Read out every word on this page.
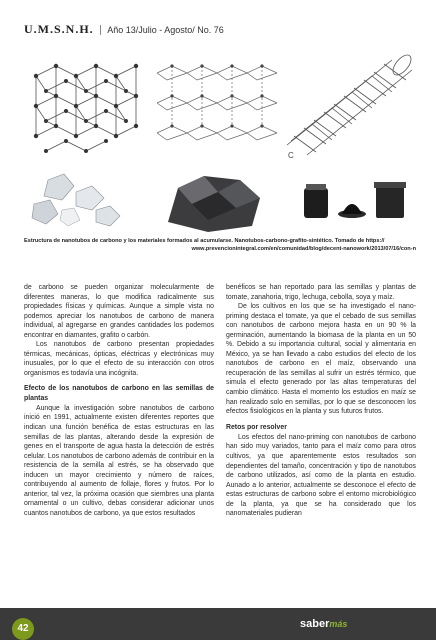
U.M.S.N.H. Año 13/Julio - Agosto/ No. 76
C
Estructura de nanotubos de carbono y los materiales formados al acumularse. Nanotubos-carbono-grafito-sintético. Tomado de https://
www.prevencionintegral.com/en/comunidad/blog/decent-nanowork/2013/07/16/con-n

de carbono se pueden organizar molecularmente de diferentes maneras, lo que modifica radicalmente sus propiedades físicas y químicas. Aunque a simple vista no podemos apreciar los nanotubos de carbono de manera individual, al agregarse en grandes cantidades los podemos encontrar en diamantes, grafito o carbón.

Los nanotubos de carbono presentan propiedades térmicas, mecánicas, ópticas, eléctricas y electrónicas muy inusuales, por lo que el efecto de su interacción con otros organismos es todavía una incógnita.

Efecto de los nanotubos de carbono en las semillas de plantas

Aunque la investigación sobre nanotubos de carbono inició en 1991, actualmente existen diferentes reportes que indican una función benéfica de estas estructuras en las semillas de las plantas, alterando desde la expresión de genes en el transporte de agua hasta la detección de estrés celular. Los nanotubos de carbono además de contribuir en la resistencia de la semilla al estrés, se ha observado que inducen un mayor crecimiento y número de raíces, contribuyendo al aumento de follaje, flores y frutos. Por lo anterior, tal vez, la próxima ocasión que siembres una planta ornamental o un cultivo, debas considerar adicionar unos cuantos nanotubos de carbono, ya que estos resultados

benéficos se han reportado para las semillas y plantas de tomate, zanahoria, trigo, lechuga, cebolla, soya y maíz.

De los cultivos en los que se ha investigado el nano-priming destaca el tomate, ya que el cebado de sus semillas con nanotubos de carbono mejora hasta en un 90 % la germinación, aumentando la biomasa de la planta en un 50 %. Debido a su importancia cultural, social y alimentaria en México, ya se han llevado a cabo estudios del efecto de los nanotubos de carbono en el maíz, observando una recuperación de las semillas al sufrir un estrés térmico, que simula el efecto generado por las altas temperaturas del cambio climático. Hasta el momento los estudios en maíz se han realizado solo en semillas, por lo que se desconocen los efectos fisiológicos en la planta y sus futuros frutos.

Retos por resolver

Los efectos del nano-priming con nanotubos de carbono han sido muy variados, tanto para el maíz como para otros cultivos, ya que aparentemente estos resultados son dependientes del tamaño, concentración y tipo de nanotubos de carbono utilizados, así como de la planta en estudio. Aunado a lo anterior, actualmente se desconoce el efecto de estas estructuras de carbono sobre el entorno microbiológico de la planta, ya que se ha considerado que los nanomateriales pudieran

42	sabermás
